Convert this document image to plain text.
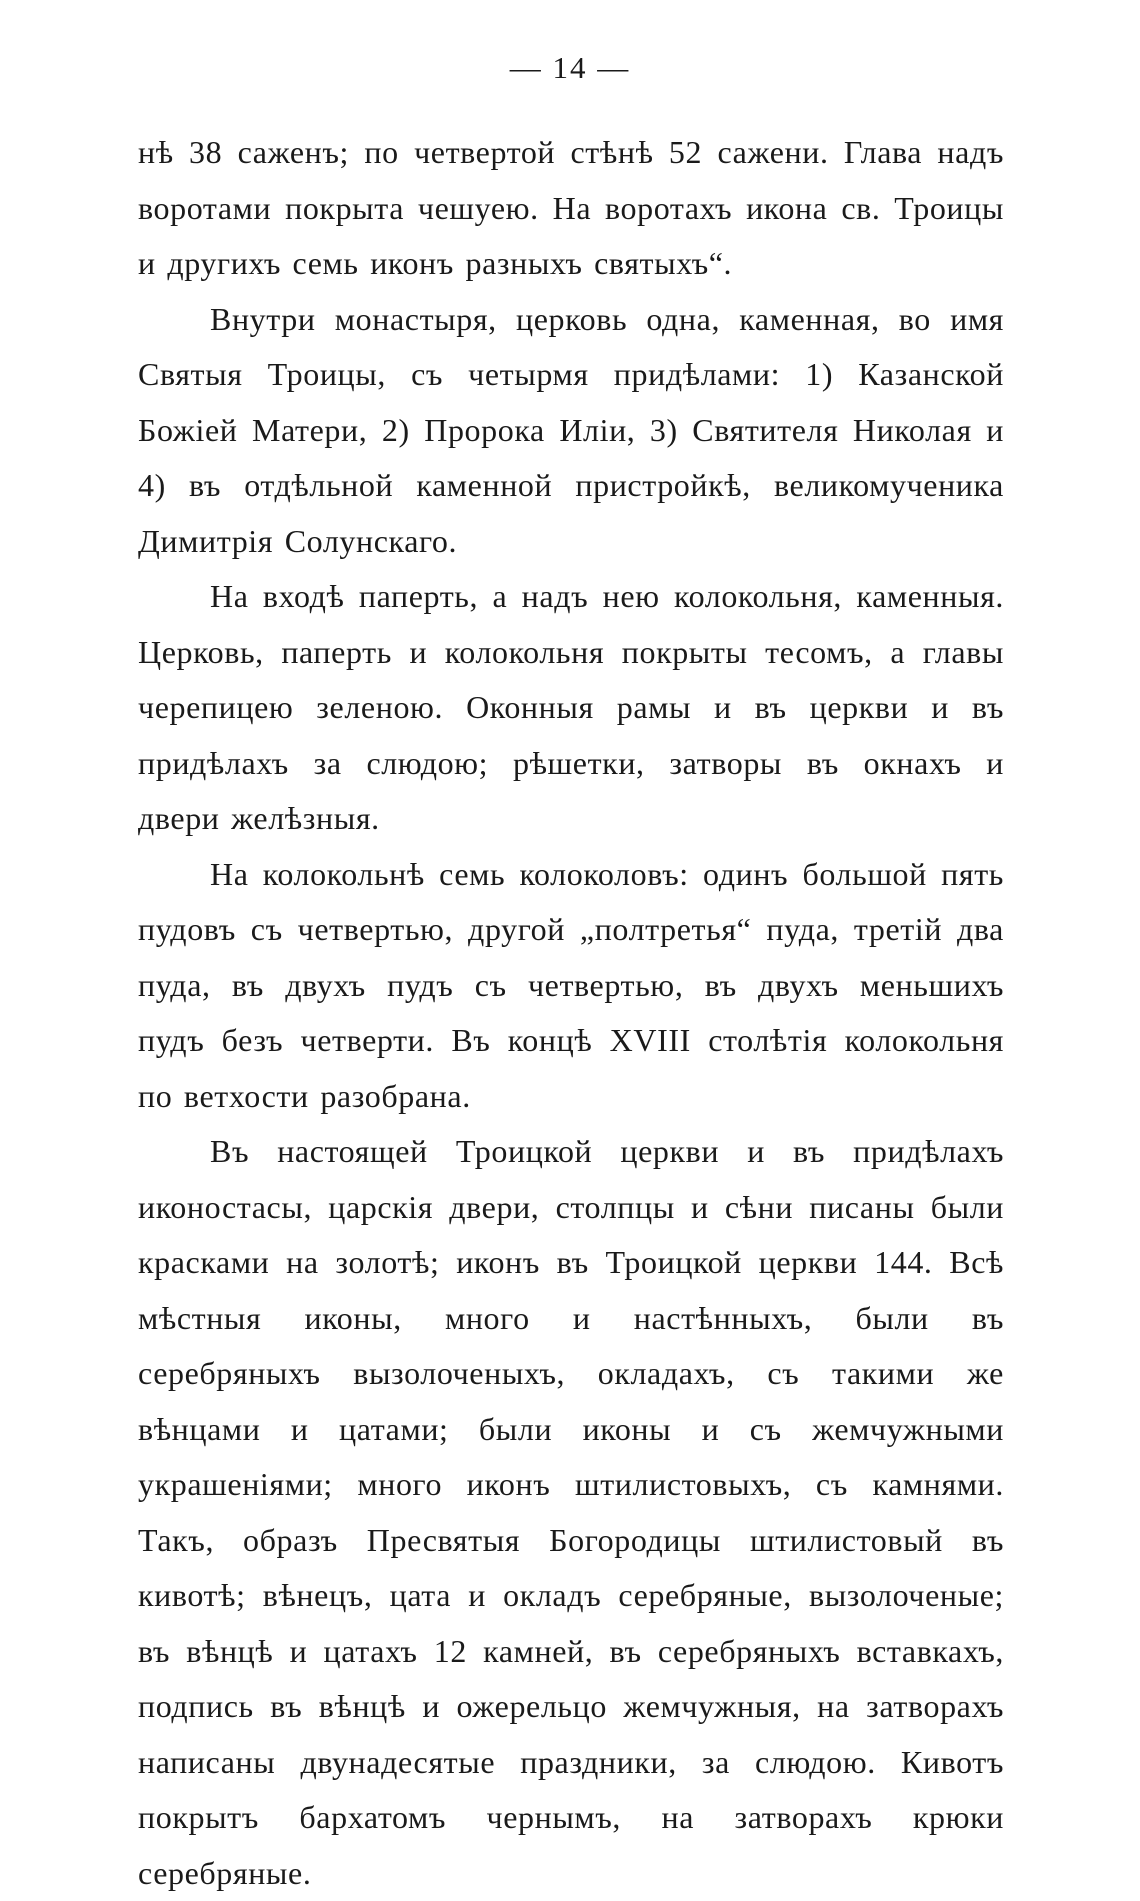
— 14 —

нѣ 38 саженъ; по четвертой стѣнѣ 52 сажени. Глава надъ воротами покрыта чешуею. На воротахъ икона св. Троицы и другихъ семь иконъ разныхъ святыхъ“.

Внутри монастыря, церковь одна, каменная, во имя Святыя Троицы, съ четырмя придѣлами: 1) Казанской Божіей Матери, 2) Пророка Иліи, 3) Святителя Николая и 4) въ отдѣльной каменной пристройкѣ, великомученика Димитрія Солунскаго.

На входѣ паперть, а надъ нею колокольня, каменныя. Церковь, паперть и колокольня покрыты тесомъ, а главы черепицею зеленою. Оконныя рамы и въ церкви и въ придѣлахъ за слюдою; рѣшетки, затворы въ окнахъ и двери желѣзныя.

На колокольнѣ семь колоколовъ: одинъ большой пять пудовъ съ четвертью, другой „полтретья“ пуда, третій два пуда, въ двухъ пудъ съ четвертью, въ двухъ меньшихъ пудъ безъ четверти. Въ концѣ XVIII столѣтія колокольня по ветхости разобрана.

Въ настоящей Троицкой церкви и въ придѣлахъ иконостасы, царскія двери, столпцы и сѣни писаны были красками на золотѣ; иконъ въ Троицкой церкви 144. Всѣ мѣстныя иконы, много и настѣнныхъ, были въ серебряныхъ вызолоченыхъ, окладахъ, съ такими же вѣнцами и цатами; были иконы и съ жемчужными украшеніями; много иконъ штилистовыхъ, съ камнями. Такъ, образъ Пресвятыя Богородицы штилистовый въ кивотѣ; вѣнецъ, цата и окладъ серебряные, вызолоченые; въ вѣнцѣ и цатахъ 12 камней, въ серебряныхъ вставкахъ, подпись въ вѣнцѣ и ожерельцо жемчужныя, на затворахъ написаны двунадесятые праздники, за слюдою. Кивотъ покрытъ бархатомъ чернымъ, на затворахъ крюки серебряные.
